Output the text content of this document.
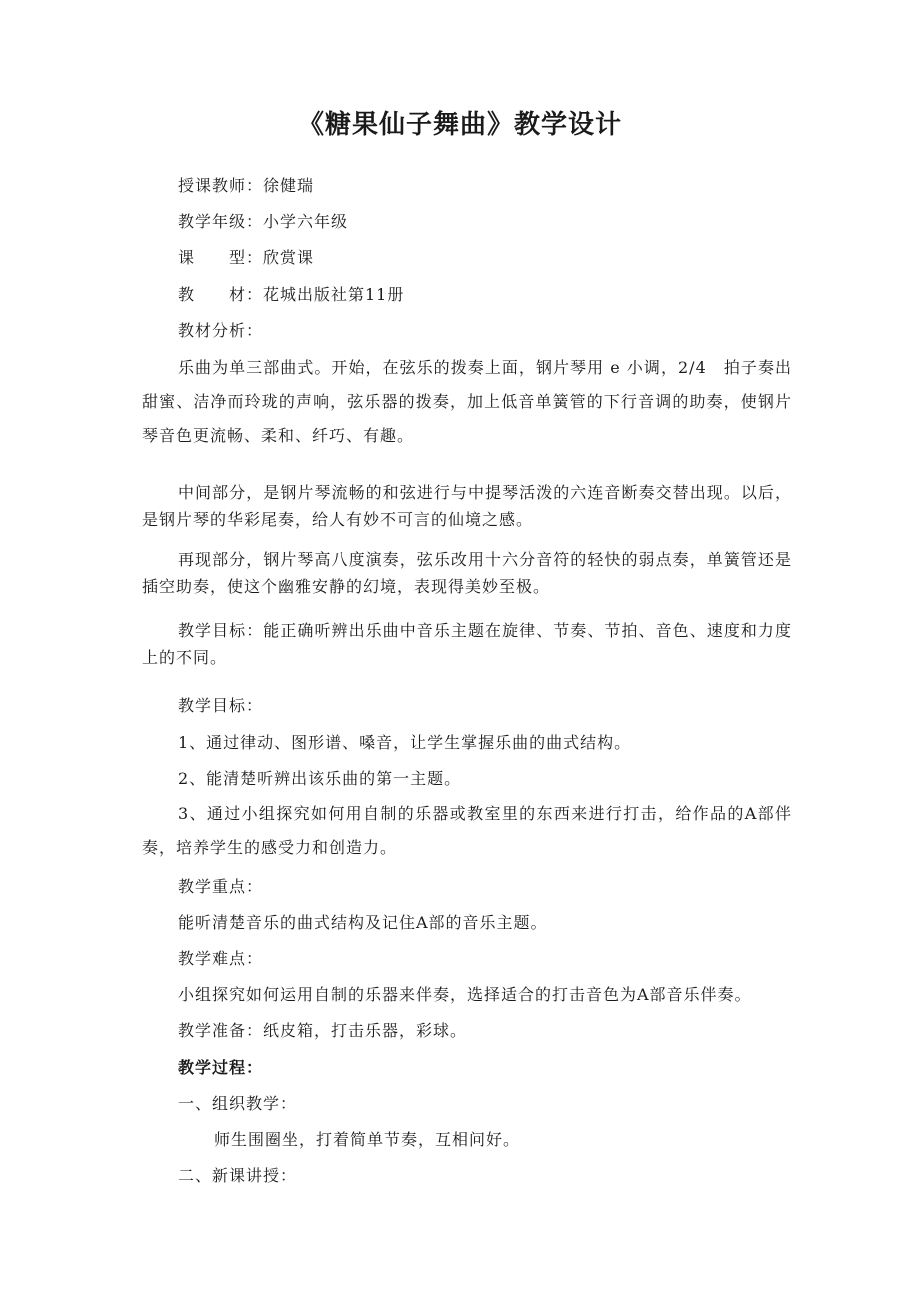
《糖果仙子舞曲》教学设计
授课教师：徐健瑞
教学年级：小学六年级
课　　型：欣赏课
教　　材：花城出版社第11册
教材分析：
乐曲为单三部曲式。开始，在弦乐的拨奏上面，钢片琴用 e 小调，2/4　拍子奏出甜蜜、洁净而玲珑的声响，弦乐器的拨奏，加上低音单簧管的下行音调的助奏，使钢片琴音色更流畅、柔和、纤巧、有趣。
中间部分，是钢片琴流畅的和弦进行与中提琴活泼的六连音断奏交替出现。以后，是钢片琴的华彩尾奏，给人有妙不可言的仙境之感。
再现部分，钢片琴高八度演奏，弦乐改用十六分音符的轻快的弱点奏，单簧管还是插空助奏，使这个幽雅安静的幻境，表现得美妙至极。
教学目标：能正确听辨出乐曲中音乐主题在旋律、节奏、节拍、音色、速度和力度上的不同。
教学目标：
1、通过律动、图形谱、嗓音，让学生掌握乐曲的曲式结构。
2、能清楚听辨出该乐曲的第一主题。
3、通过小组探究如何用自制的乐器或教室里的东西来进行打击，给作品的A部伴奏，培养学生的感受力和创造力。
教学重点：
能听清楚音乐的曲式结构及记住A部的音乐主题。
教学难点：
小组探究如何运用自制的乐器来伴奏，选择适合的打击音色为A部音乐伴奏。
教学准备：纸皮箱，打击乐器，彩球。
教学过程：
一、组织教学：
师生围圈坐，打着简单节奏，互相问好。
二、新课讲授：
